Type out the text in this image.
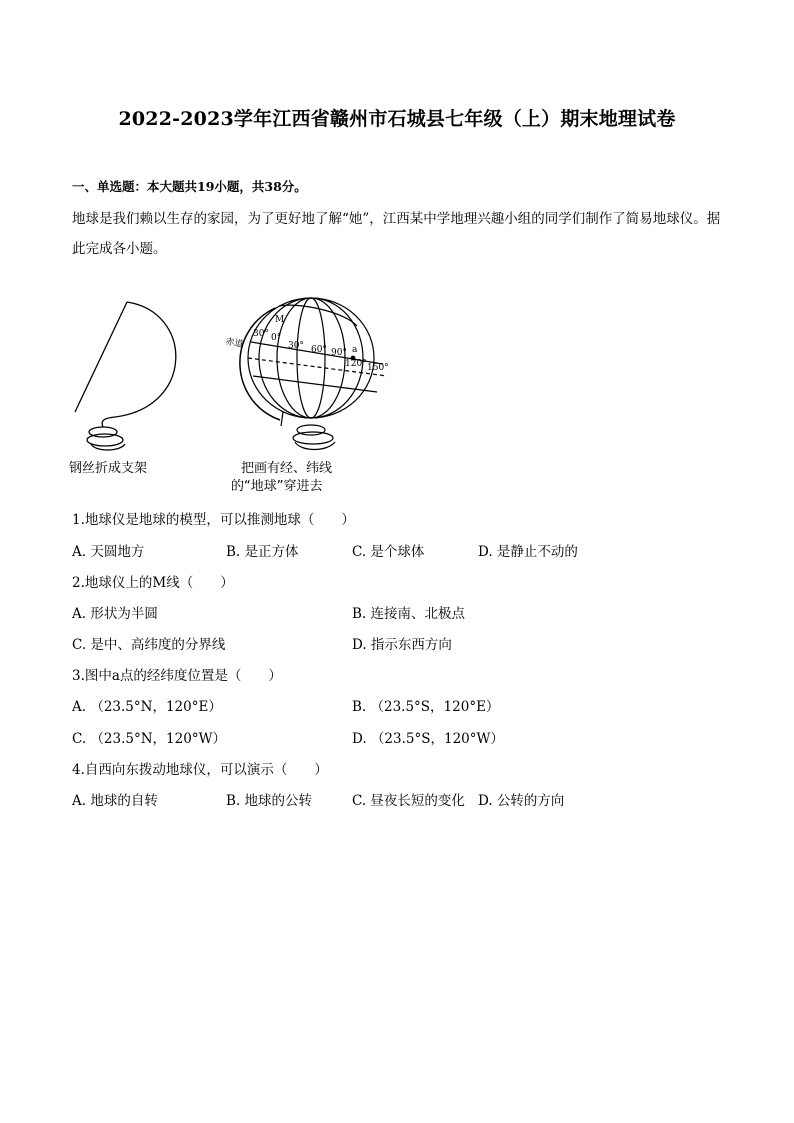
2022-2023学年江西省赣州市石城县七年级（上）期末地理试卷
一、单选题：本大题共19小题，共38分。
地球是我们赖以生存的家园，为了更好地了解“她”，江西某中学地理兴趣小组的同学们制作了简易地球仪。据此完成各小题。
M
赤道	a
30° 0°
30° 60° 90°
120° 150°
钢丝折成支架	把画有经、纬线
的“地球”穿进去
1.地球仪是地球的模型，可以推测地球（　　）
A. 天圆地方	B. 是正方体	C. 是个球体	D. 是静止不动的
2.地球仪上的M线（　　）
A. 形状为半圆	B. 连接南、北极点
C. 是中、高纬度的分界线	D. 指示东西方向
3.图中a点的经纬度位置是（　　）
A. （23.5°N，120°E）	B. （23.5°S，120°E）
C. （23.5°N，120°W）	D. （23.5°S，120°W）
4.自西向东拨动地球仪，可以演示（　　）
A. 地球的自转	B. 地球的公转	C. 昼夜长短的变化 D. 公转的方向
